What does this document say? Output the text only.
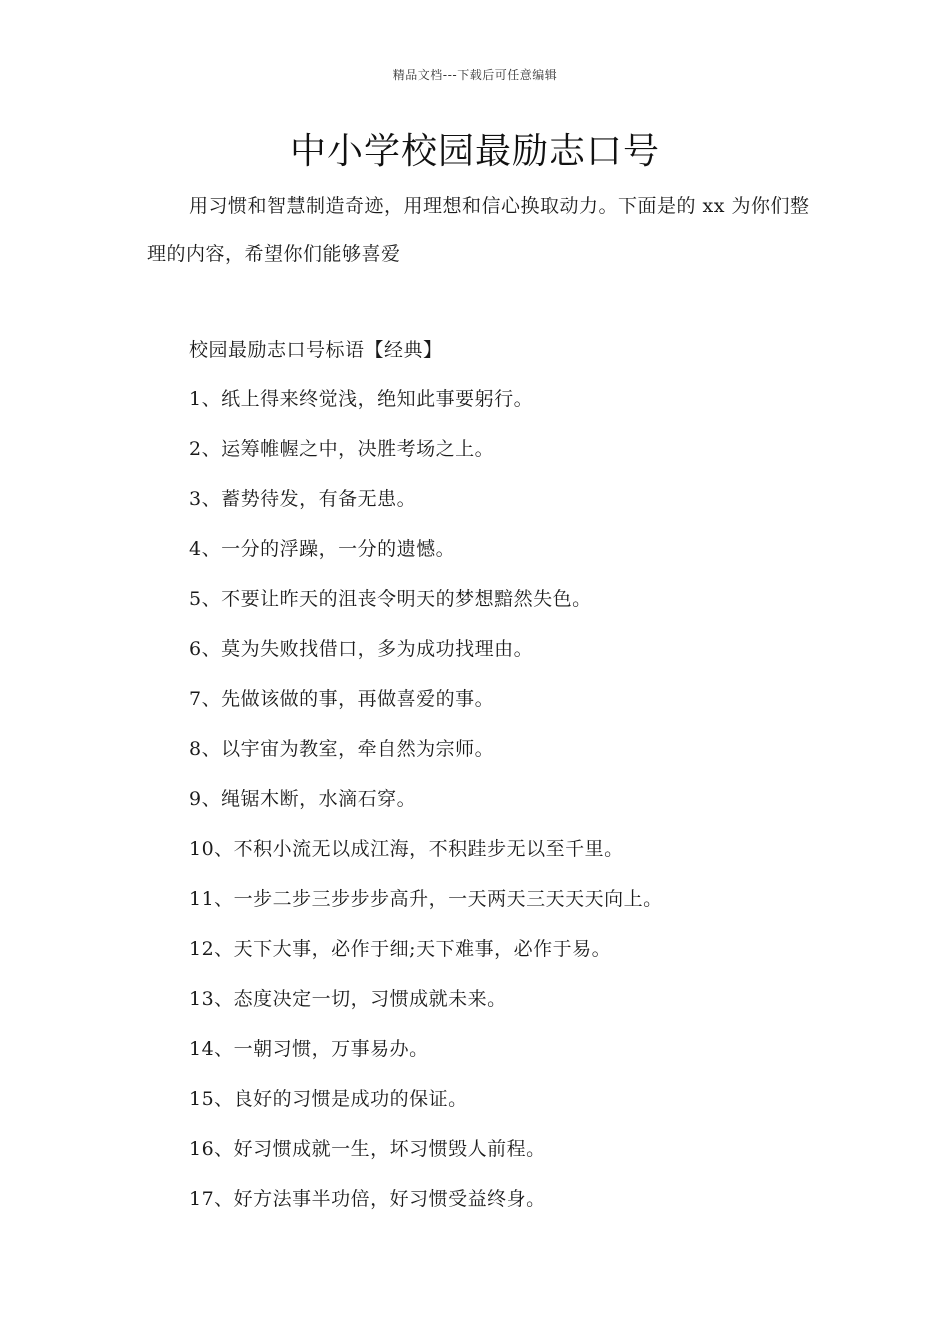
精品文档---下载后可任意编辑
中小学校园最励志口号

用习惯和智慧制造奇迹，用理想和信心换取动力。下面是的 xx 为你们整理的内容，希望你们能够喜爱

校园最励志口号标语【经典】

1、纸上得来终觉浅，绝知此事要躬行。
2、运筹帷幄之中，决胜考场之上。
3、蓄势待发，有备无患。
4、一分的浮躁，一分的遗憾。
5、不要让昨天的沮丧令明天的梦想黯然失色。
6、莫为失败找借口，多为成功找理由。
7、先做该做的事，再做喜爱的事。
8、以宇宙为教室，牵自然为宗师。
9、绳锯木断，水滴石穿。
10、不积小流无以成江海，不积跬步无以至千里。
11、一步二步三步步步高升，一天两天三天天天向上。
12、天下大事，必作于细;天下难事，必作于易。
13、态度决定一切，习惯成就未来。
14、一朝习惯，万事易办。
15、良好的习惯是成功的保证。
16、好习惯成就一生，坏习惯毁人前程。
17、好方法事半功倍，好习惯受益终身。
